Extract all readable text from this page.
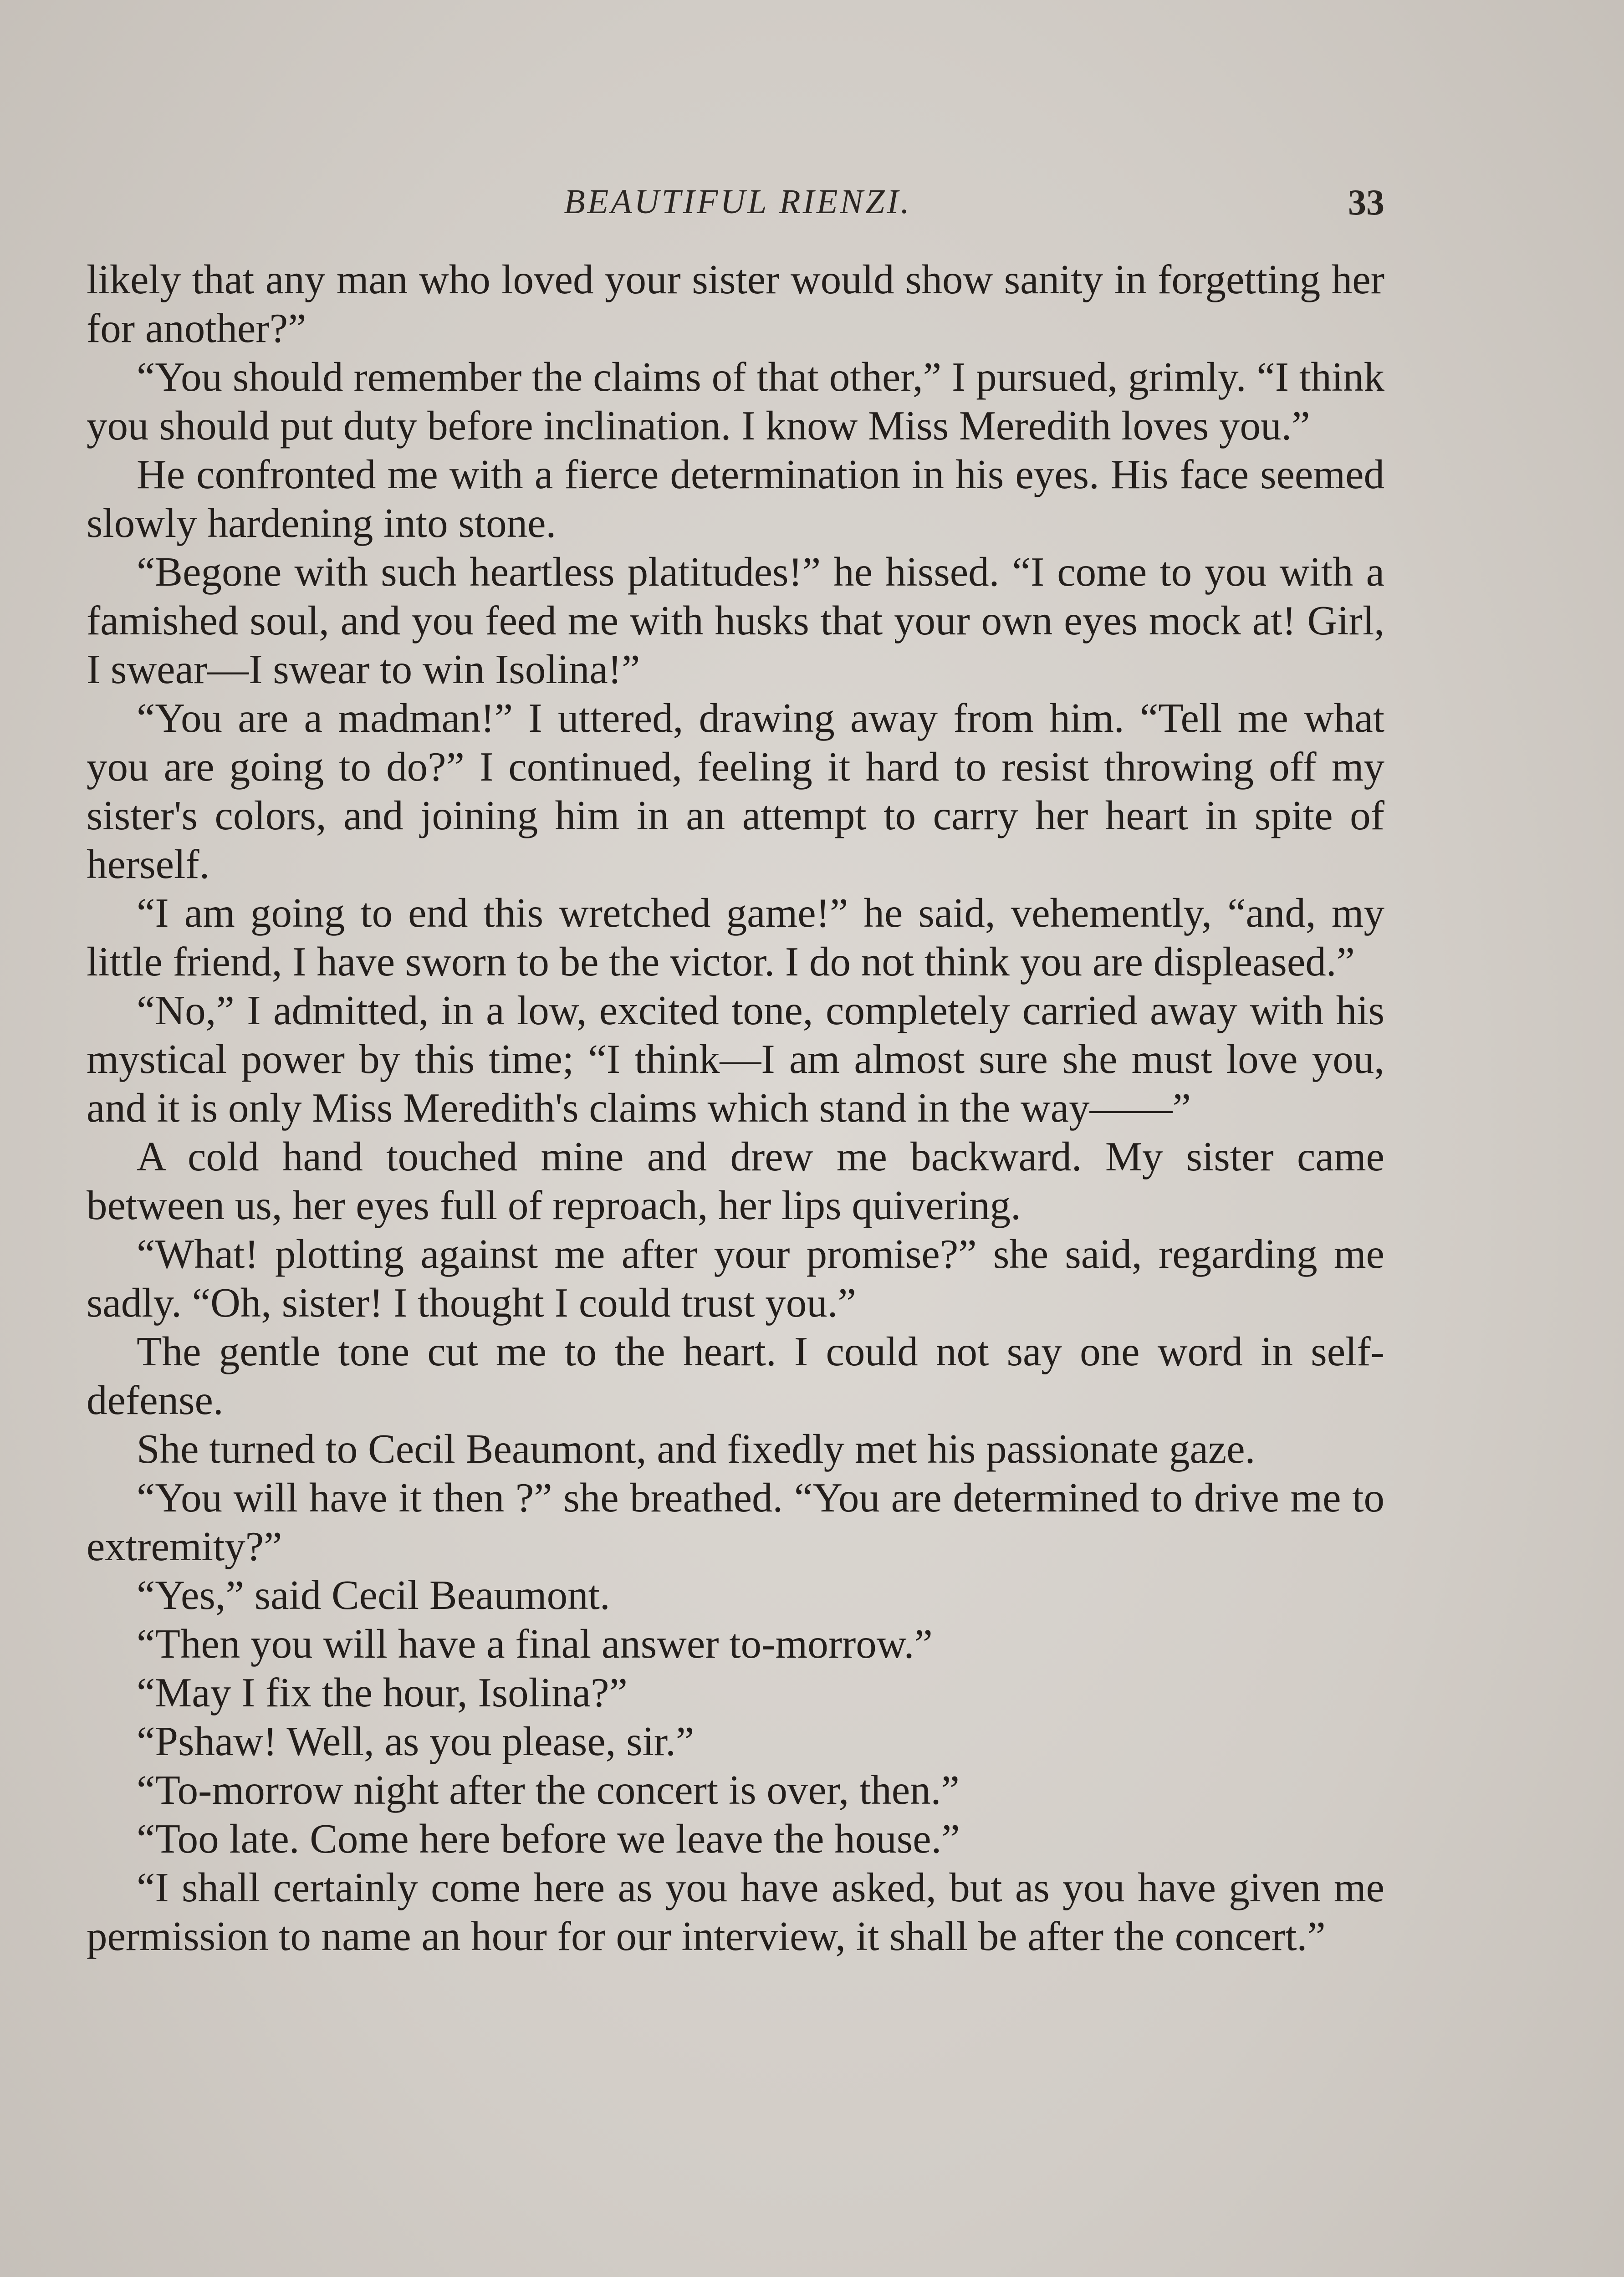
BEAUTIFUL RIENZI.	33

likely that any man who loved your sister would show sanity in forgetting her for another?”

“You should remember the claims of that other,” I pursued, grimly. “I think you should put duty before inclination. I know Miss Meredith loves you.”

He confronted me with a fierce determination in his eyes. His face seemed slowly hardening into stone.

“Begone with such heartless platitudes!” he hissed. “I come to you with a famished soul, and you feed me with husks that your own eyes mock at! Girl, I swear—I swear to win Isolina!”

“You are a madman!” I uttered, drawing away from him. “Tell me what you are going to do?” I continued, feeling it hard to resist throwing off my sister's colors, and joining him in an attempt to carry her heart in spite of herself.

“I am going to end this wretched game!” he said, vehemently, “and, my little friend, I have sworn to be the victor. I do not think you are displeased.”

“No,” I admitted, in a low, excited tone, completely carried away with his mystical power by this time; “I think—I am almost sure she must love you, and it is only Miss Meredith's claims which stand in the way——”

A cold hand touched mine and drew me backward. My sister came between us, her eyes full of reproach, her lips quivering.

“What! plotting against me after your promise?” she said, regarding me sadly. “Oh, sister! I thought I could trust you.”

The gentle tone cut me to the heart. I could not say one word in self-defense.

She turned to Cecil Beaumont, and fixedly met his passionate gaze.

“You will have it then ?” she breathed. “You are determined to drive me to extremity?”

“Yes,” said Cecil Beaumont.

“Then you will have a final answer to-morrow.”

“May I fix the hour, Isolina?”

“Pshaw! Well, as you please, sir.”

“To-morrow night after the concert is over, then.”

“Too late. Come here before we leave the house.”

“I shall certainly come here as you have asked, but as you have given me permission to name an hour for our interview, it shall be after the concert.”
